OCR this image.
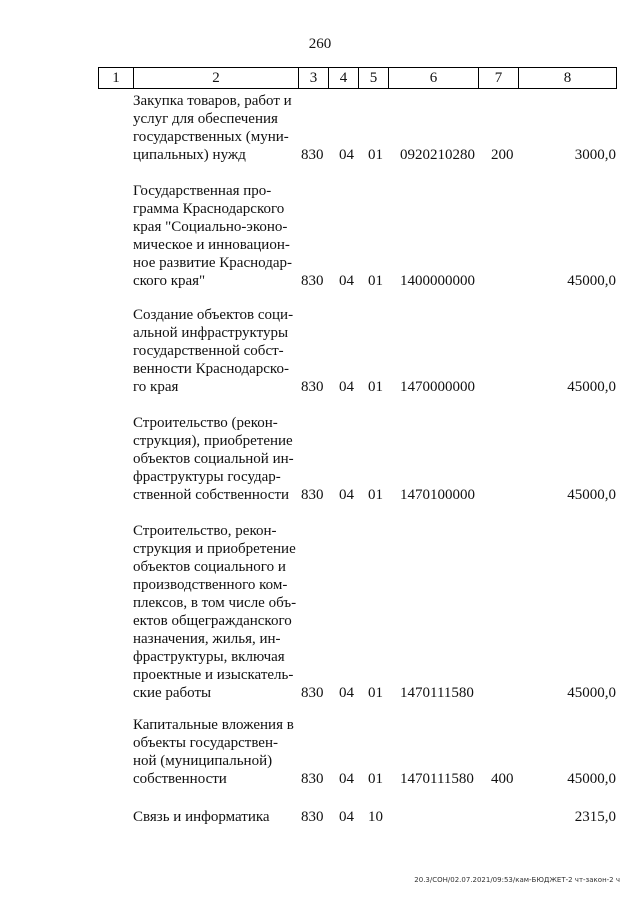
260
1	2	3	4	5	6	7	8
Закупка товаров, работ и
услуг для обеспечения
государственных (муни-
ципальных) нужд	830 04 01 0920210280 200	3000,0
Государственная про-
грамма Краснодарского
края "Социально-эконо-
мическое и инновацион-
ное развитие Краснодар-
ского края"	830 04 01 1400000000	45000,0
Создание объектов соци-
альной инфраструктуры
государственной собст-
венности Краснодарско-
го края	830 04 01 1470000000	45000,0
Строительство (рекон-
струкция), приобретение
объектов социальной ин-
фраструктуры государ-
ственной собственности 830 04 01 1470100000	45000,0
Строительство, рекон-
струкция и приобретение
объектов социального и
производственного ком-
плексов, в том числе объ-
ектов общегражданского
назначения, жилья, ин-
фраструктуры, включая
проектные и изыскатель-
ские работы	830 04 01 1470111580	45000,0
Капитальные вложения в
объекты государствен-
ной (муниципальной)
собственности	830 04 01 1470111580 400	45000,0
Связь и информатика	830 04 10	2315,0
20.3/СОН/02.07.2021/09:53/кам-БЮДЖЕТ-2 чт-закон-2 ч
